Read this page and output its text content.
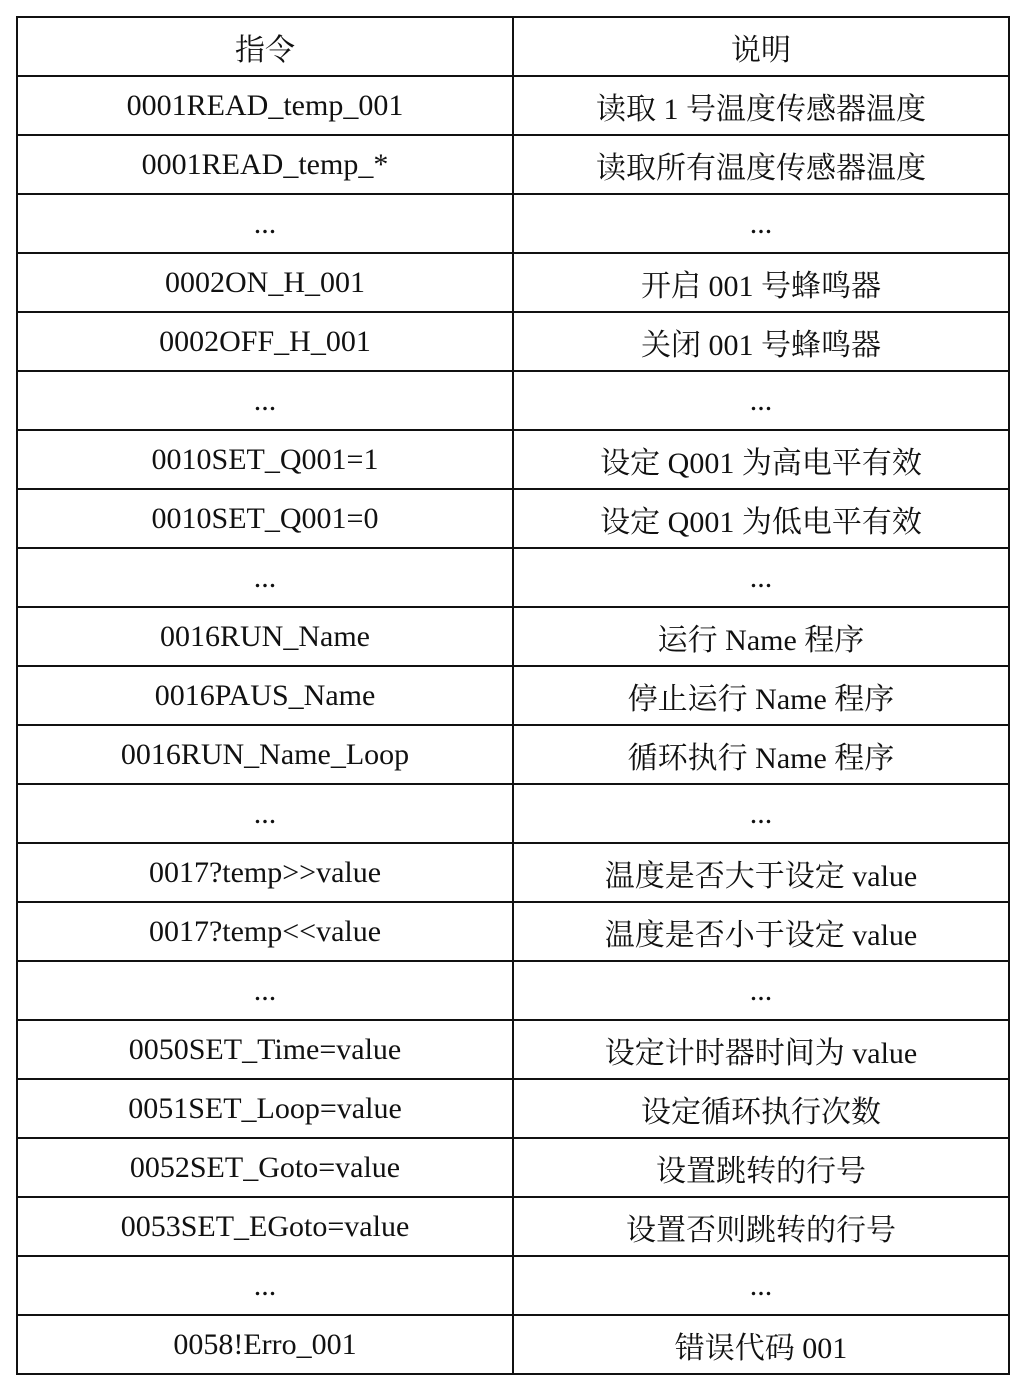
指令	说明
0001READ_temp_001	读取 1 号温度传感器温度
0001READ_temp_*	读取所有温度传感器温度
...	...
0002ON_H_001	开启 001 号蜂鸣器
0002OFF_H_001	关闭 001 号蜂鸣器
...	...
0010SET_Q001=1	设定 Q001 为高电平有效
0010SET_Q001=0	设定 Q001 为低电平有效
...	...
0016RUN_Name	运行 Name 程序
0016PAUS_Name	停止运行 Name 程序
0016RUN_Name_Loop	循环执行 Name 程序
...	...
0017?temp>>value	温度是否大于设定 value
0017?temp<<value	温度是否小于设定 value
...	...
0050SET_Time=value	设定计时器时间为 value
0051SET_Loop=value	设定循环执行次数
0052SET_Goto=value	设置跳转的行号
0053SET_EGoto=value	设置否则跳转的行号
...	...
0058!Erro_001	错误代码 001
